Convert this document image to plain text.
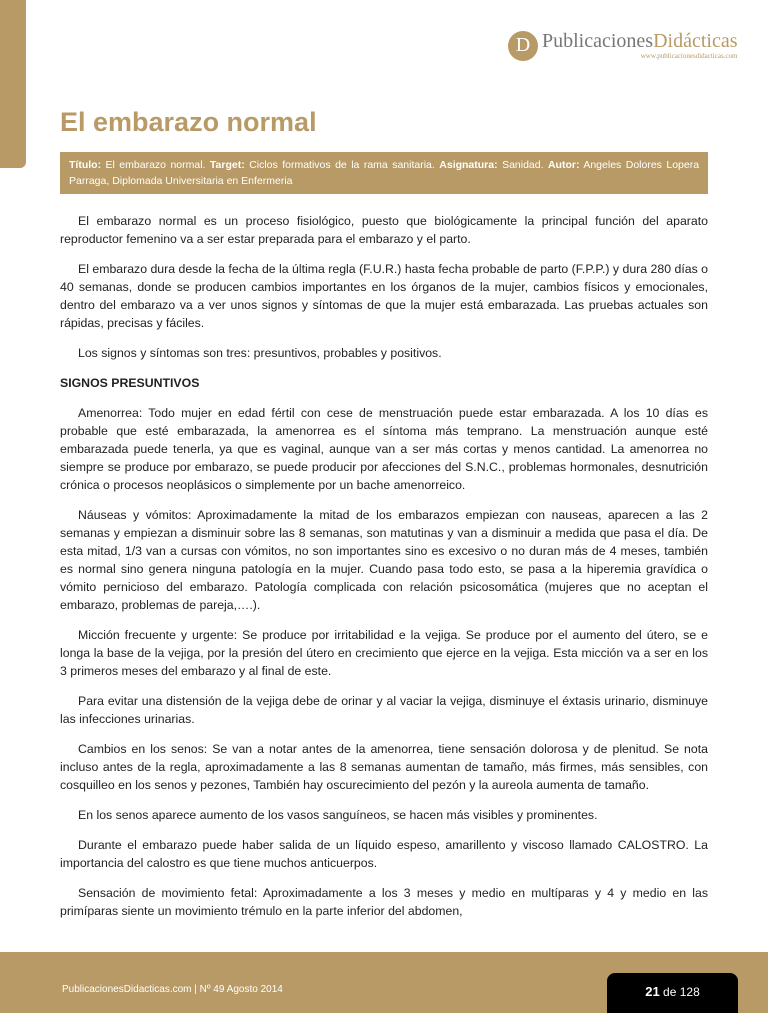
D PublicacionesDidácticas
www.publicacionesdidacticas.com
El embarazo normal
Título: El embarazo normal. Target: Ciclos formativos de la rama sanitaria. Asignatura: Sanidad. Autor: Angeles Dolores Lopera Parraga, Diplomada Universitaria en Enfermeria

El embarazo normal es un proceso fisiológico, puesto que biológicamente la principal función del aparato reproductor femenino va a ser estar preparada para el embarazo y el parto.

El embarazo dura desde la fecha de la última regla (F.U.R.) hasta fecha probable de parto (F.P.P.) y dura 280 días o 40 semanas, donde se producen cambios importantes en los órganos de la mujer, cambios físicos y emocionales, dentro del embarazo va a ver unos signos y síntomas de que la mujer está embarazada. Las pruebas actuales son rápidas, precisas y fáciles.

Los signos y síntomas son tres: presuntivos, probables y positivos.

SIGNOS PRESUNTIVOS

Amenorrea: Todo mujer en edad fértil con cese de menstruación puede estar embarazada. A los 10 días es probable que esté embarazada, la amenorrea es el síntoma más temprano. La menstruación aunque esté embarazada puede tenerla, ya que es vaginal, aunque van a ser más cortas y menos cantidad. La amenorrea no siempre se produce por embarazo, se puede producir por afecciones del S.N.C., problemas hormonales, desnutrición crónica o procesos neoplásicos o simplemente por un bache amenorreico.

Náuseas y vómitos: Aproximadamente la mitad de los embarazos empiezan con nauseas, aparecen a las 2 semanas y empiezan a disminuir sobre las 8 semanas, son matutinas y van a disminuir a medida que pasa el día. De esta mitad, 1/3 van a cursas con vómitos, no son importantes sino es excesivo o no duran más de 4 meses, también es normal sino genera ninguna patología en la mujer. Cuando pasa todo esto, se pasa a la hiperemia gravídica o vómito pernicioso del embarazo. Patología complicada con relación psicosomática (mujeres que no aceptan el embarazo, problemas de pareja,….).

Micción frecuente y urgente: Se produce por irritabilidad e la vejiga. Se produce por el aumento del útero, se e longa la base de la vejiga, por la presión del útero en crecimiento que ejerce en la vejiga. Esta micción va a ser en los 3 primeros meses del embarazo y al final de este.

Para evitar una distensión de la vejiga debe de orinar y al vaciar la vejiga, disminuye el éxtasis urinario, disminuye las infecciones urinarias.

Cambios en los senos: Se van a notar antes de la amenorrea, tiene sensación dolorosa y de plenitud. Se nota incluso antes de la regla, aproximadamente a las 8 semanas aumentan de tamaño, más firmes, más sensibles, con cosquilleo en los senos y pezones, También hay oscurecimiento del pezón y la aureola aumenta de tamaño.

En los senos aparece aumento de los vasos sanguíneos, se hacen más visibles y prominentes.

Durante el embarazo puede haber salida de un líquido espeso, amarillento y viscoso llamado CALOSTRO. La importancia del calostro es que tiene muchos anticuerpos.

Sensación de movimiento fetal: Aproximadamente a los 3 meses y medio en multíparas y 4 y medio en las primíparas siente un movimiento trémulo en la parte inferior del abdomen,

PublicacionesDidacticas.com | Nº 49 Agosto 2014	21 de 128
